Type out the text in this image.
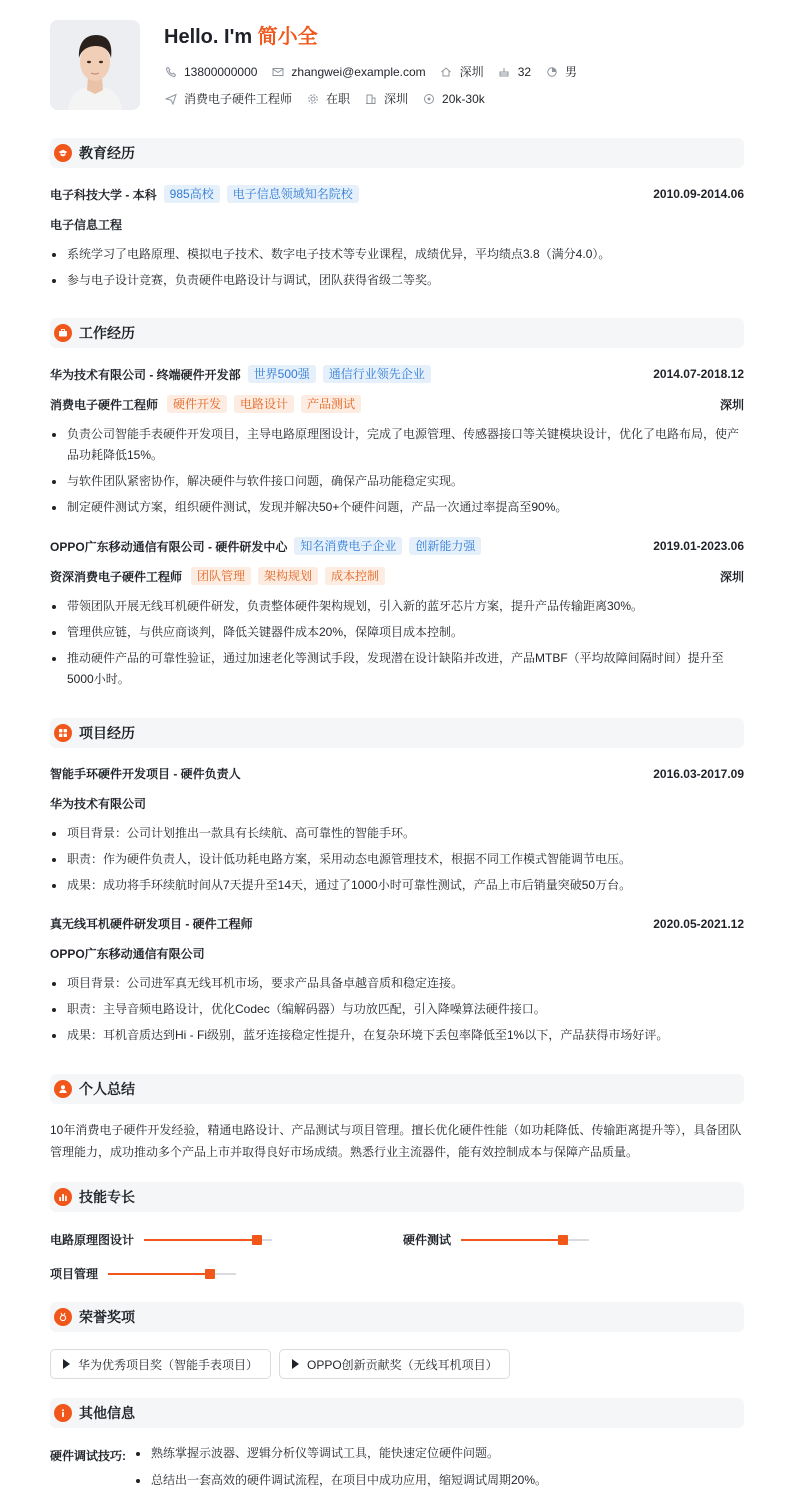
Hello. I'm 简小全
13800000000	zhangwei@example.com	深圳	32	男
消费电子硬件工程师	在职	深圳	20k-30k
教育经历
电子科技大学 - 本科	985高校	电子信息领域知名院校	2010.09-2014.06
电子信息工程
系统学习了电路原理、模拟电子技术、数字电子技术等专业课程，成绩优异，平均绩点3.8（满分4.0）。
参与电子设计竞赛，负责硬件电路设计与调试，团队获得省级二等奖。
工作经历
华为技术有限公司 - 终端硬件开发部	世界500强	通信行业领先企业	2014.07-2018.12
消费电子硬件工程师	硬件开发	电路设计	产品测试	深圳
负责公司智能手表硬件开发项目，主导电路原理图设计，完成了电源管理、传感器接口等关键模块设计，优化了电路布局，使产品功耗降低15%。
与软件团队紧密协作，解决硬件与软件接口问题，确保产品功能稳定实现。
制定硬件测试方案，组织硬件测试，发现并解决50+个硬件问题，产品一次通过率提高至90%。
OPPO广东移动通信有限公司 - 硬件研发中心	知名消费电子企业	创新能力强	2019.01-2023.06
资深消费电子硬件工程师	团队管理	架构规划	成本控制	深圳
带领团队开展无线耳机硬件研发，负责整体硬件架构规划，引入新的蓝牙芯片方案，提升产品传输距离30%。
管理供应链，与供应商谈判，降低关键器件成本20%，保障项目成本控制。
推动硬件产品的可靠性验证，通过加速老化等测试手段，发现潜在设计缺陷并改进，产品MTBF（平均故障间隔时间）提升至5000小时。
项目经历
智能手环硬件开发项目 - 硬件负责人	2016.03-2017.09
华为技术有限公司
项目背景：公司计划推出一款具有长续航、高可靠性的智能手环。
职责：作为硬件负责人，设计低功耗电路方案，采用动态电源管理技术，根据不同工作模式智能调节电压。
成果：成功将手环续航时间从7天提升至14天，通过了1000小时可靠性测试，产品上市后销量突破50万台。
真无线耳机硬件研发项目 - 硬件工程师	2020.05-2021.12
OPPO广东移动通信有限公司
项目背景：公司进军真无线耳机市场，要求产品具备卓越音质和稳定连接。
职责：主导音频电路设计，优化Codec（编解码器）与功放匹配，引入降噪算法硬件接口。
成果：耳机音质达到Hi - Fi级别，蓝牙连接稳定性提升，在复杂环境下丢包率降低至1%以下，产品获得市场好评。
个人总结
10年消费电子硬件开发经验，精通电路设计、产品测试与项目管理。擅长优化硬件性能（如功耗降低、传输距离提升等），具备团队管理能力，成功推动多个产品上市并取得良好市场成绩。熟悉行业主流器件，能有效控制成本与保障产品质量。
技能专长
电路原理图设计	硬件测试
项目管理
荣誉奖项
华为优秀项目奖（智能手表项目）	OPPO创新贡献奖（无线耳机项目）
其他信息
硬件调试技巧:	熟练掌握示波器、逻辑分析仪等调试工具，能快速定位硬件问题。
总结出一套高效的硬件调试流程，在项目中成功应用，缩短调试周期20%。
